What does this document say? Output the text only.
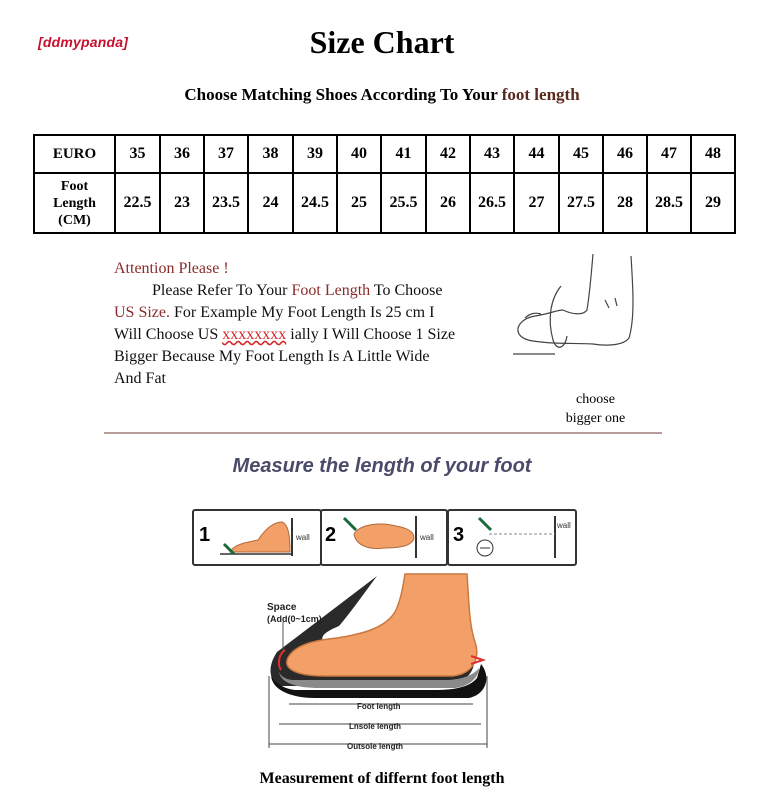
[ddmypanda]	Size Chart
Choose Matching Shoes According To Your foot length
EURO	35	36	37	38	39	40	41	42	43	44	45	46	47	48

Foot
Length
(CM)	22.5	23	23.5	24	24.5	25	25.5	26	26.5	27	27.5	28	28.5	29

Attention Please !

Please Refer To Your Foot Length To Choose

US Size. For Example My Foot Length Is 25 cm I

Will Choose US xxxxxxxx ially I Will Choose 1 Size

Bigger Because My Foot Length Is A Little Wide

And Fat

choose
bigger one
Measure the length of your foot
1	wall 2	wall 3	wall
Space
(Add(0~1cm)
Foot length
Lnsole length
Outsole length
Measurement of differnt foot length
